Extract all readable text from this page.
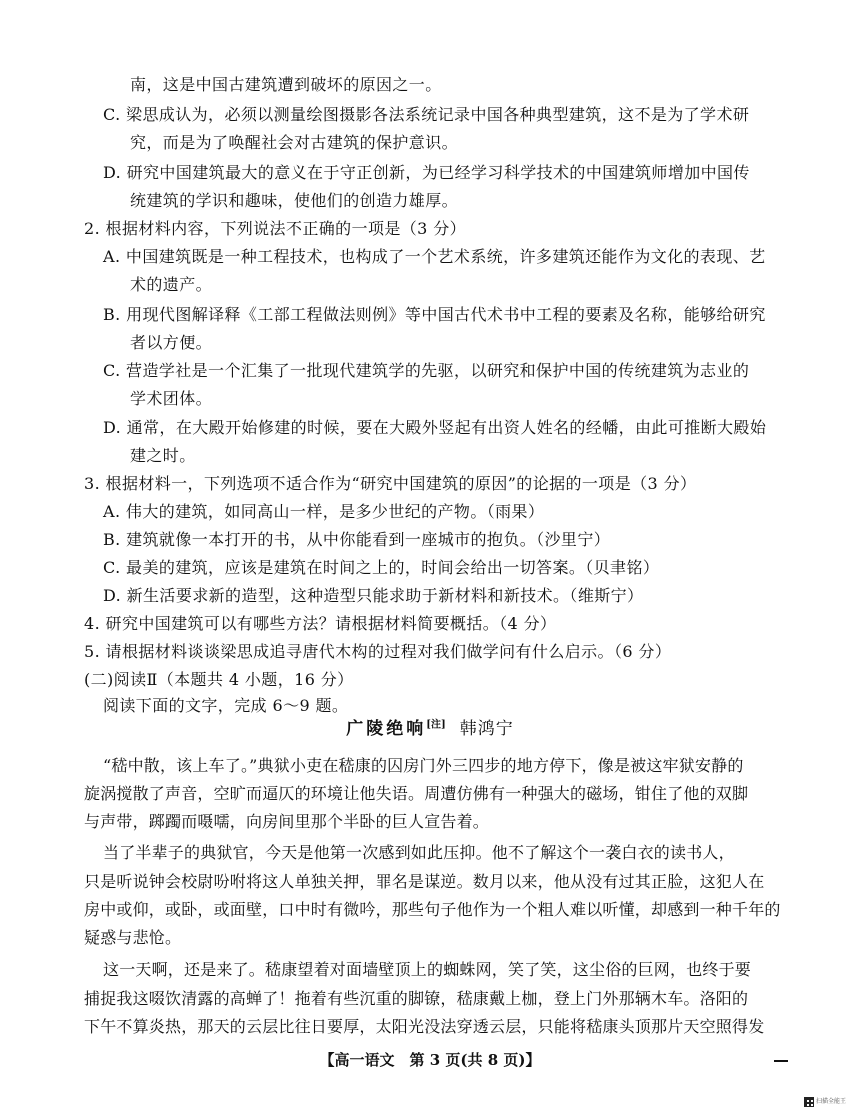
南，这是中国古建筑遭到破坏的原因之一。
C. 梁思成认为，必须以测量绘图摄影各法系统记录中国各种典型建筑，这不是为了学术研
究，而是为了唤醒社会对古建筑的保护意识。
D. 研究中国建筑最大的意义在于守正创新，为已经学习科学技术的中国建筑师增加中国传
统建筑的学识和趣味，使他们的创造力雄厚。
2. 根据材料内容，下列说法不正确的一项是（3 分）
A. 中国建筑既是一种工程技术，也构成了一个艺术系统，许多建筑还能作为文化的表现、艺
术的遗产。
B. 用现代图解译释《工部工程做法则例》等中国古代术书中工程的要素及名称，能够给研究
者以方便。
C. 营造学社是一个汇集了一批现代建筑学的先驱，以研究和保护中国的传统建筑为志业的
学术团体。
D. 通常，在大殿开始修建的时候，要在大殿外竖起有出资人姓名的经幡，由此可推断大殿始
建之时。
3. 根据材料一，下列选项不适合作为“研究中国建筑的原因”的论据的一项是（3 分）
A. 伟大的建筑，如同高山一样，是多少世纪的产物。（雨果）
B. 建筑就像一本打开的书，从中你能看到一座城市的抱负。（沙里宁）
C. 最美的建筑，应该是建筑在时间之上的，时间会给出一切答案。（贝聿铭）
D. 新生活要求新的造型，这种造型只能求助于新材料和新技术。（维斯宁）
4. 研究中国建筑可以有哪些方法？请根据材料简要概括。（4 分）
5. 请根据材料谈谈梁思成追寻唐代木构的过程对我们做学问有什么启示。（6 分）
(二)阅读Ⅱ（本题共 4 小题，16 分）
阅读下面的文字，完成 6～9 题。
广陵绝响[注] 韩鸿宁
“嵇中散，该上车了。”典狱小吏在嵇康的囚房门外三四步的地方停下，像是被这牢狱安静的
旋涡搅散了声音，空旷而逼仄的环境让他失语。周遭仿佛有一种强大的磁场，钳住了他的双脚
与声带，踯躅而嗫嚅，向房间里那个半卧的巨人宣告着。
当了半辈子的典狱官，今天是他第一次感到如此压抑。他不了解这个一袭白衣的读书人，
只是听说钟会校尉吩咐将这人单独关押，罪名是谋逆。数月以来，他从没有过其正脸，这犯人在
房中或仰，或卧，或面壁，口中时有微吟，那些句子他作为一个粗人难以听懂，却感到一种千年的
疑惑与悲怆。
这一天啊，还是来了。嵇康望着对面墙壁顶上的蜘蛛网，笑了笑，这尘俗的巨网，也终于要
捕捉我这啜饮清露的高蝉了！拖着有些沉重的脚镣，嵇康戴上枷，登上门外那辆木车。洛阳的
下午不算炎热，那天的云层比往日要厚，太阳光没法穿透云层，只能将嵇康头顶那片天空照得发
【高一语文　第 3 页(共 8 页)】
扫描全能王
